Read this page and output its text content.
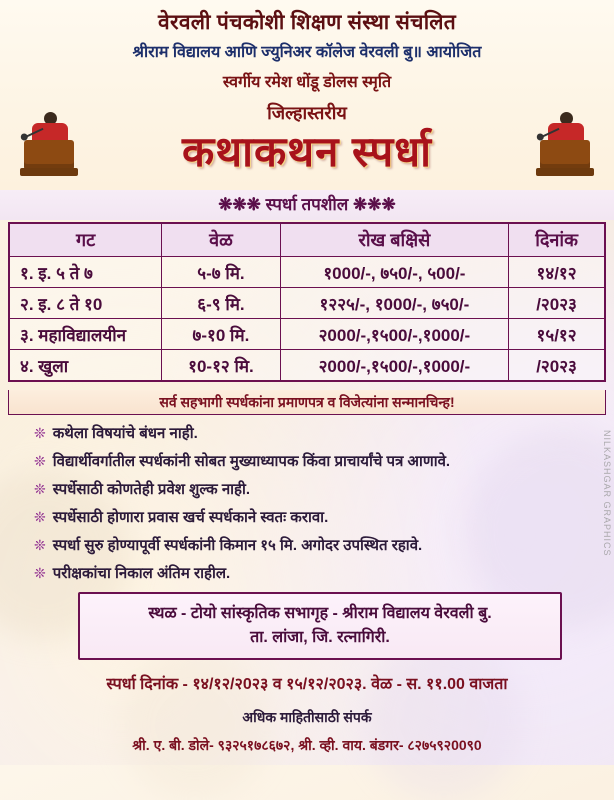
वेरवली पंचकोशी शिक्षण संस्था संचलित
श्रीराम विद्यालय आणि ज्युनिअर कॉलेज वेरवली बु॥ आयोजित
स्वर्गीय रमेश धोंडू डोलस स्मृति
जिल्हास्तरीय
कथाकथन स्पर्धा
❋❋❋ स्पर्धा तपशील ❋❋❋
गट	वेळ	रोख बक्षिसे	दिनांक
१. इ. ५ ते ७	५-७ मि.	१000/-, ७५0/-, ५00/-	१४/१२
२. इ. ८ ते १0	६-९ मि.	१२२५/-, १000/-, ७५0/-	/२0२३
३. महाविद्यालयीन	७-१0 मि.	२000/-,१५00/-,१000/-	१५/१२
४. खुला	१0-१२ मि.	२000/-,१५00/-,१000/-	/२0२३
सर्व सहभागी स्पर्धकांना प्रमाणपत्र व विजेत्यांना सन्मानचिन्ह!
❊ कथेला विषयांचे बंधन नाही.
❊ विद्यार्थीवर्गातील स्पर्धकांनी सोबत मुख्याध्यापक किंवा प्राचार्यांचे पत्र आणावे.
❊ स्पर्धेसाठी कोणतेही प्रवेश शुल्क नाही.
❊ स्पर्धेसाठी होणारा प्रवास खर्च स्पर्धकाने स्वतः करावा.
❊ स्पर्धा सुरु होण्यापूर्वी स्पर्धकांनी किमान १५ मि. अगोदर उपस्थित रहावे.
❊ परीक्षकांचा निकाल अंतिम राहील.
स्थळ - टोयो सांस्कृतिक सभागृह - श्रीराम विद्यालय वेरवली बु.
ता. लांजा, जि. रत्नागिरी.
स्पर्धा दिनांक - १४/१२/२0२३ व १५/१२/२0२३. वेळ - स. ११.00 वाजता
अधिक माहितीसाठी संपर्क
श्री. ए. बी. डोले- ९३२५१७८६७२, श्री. व्ही. वाय. बंडगर- ८२७५९२00९0
NILKASHGAR GRAPHICS
